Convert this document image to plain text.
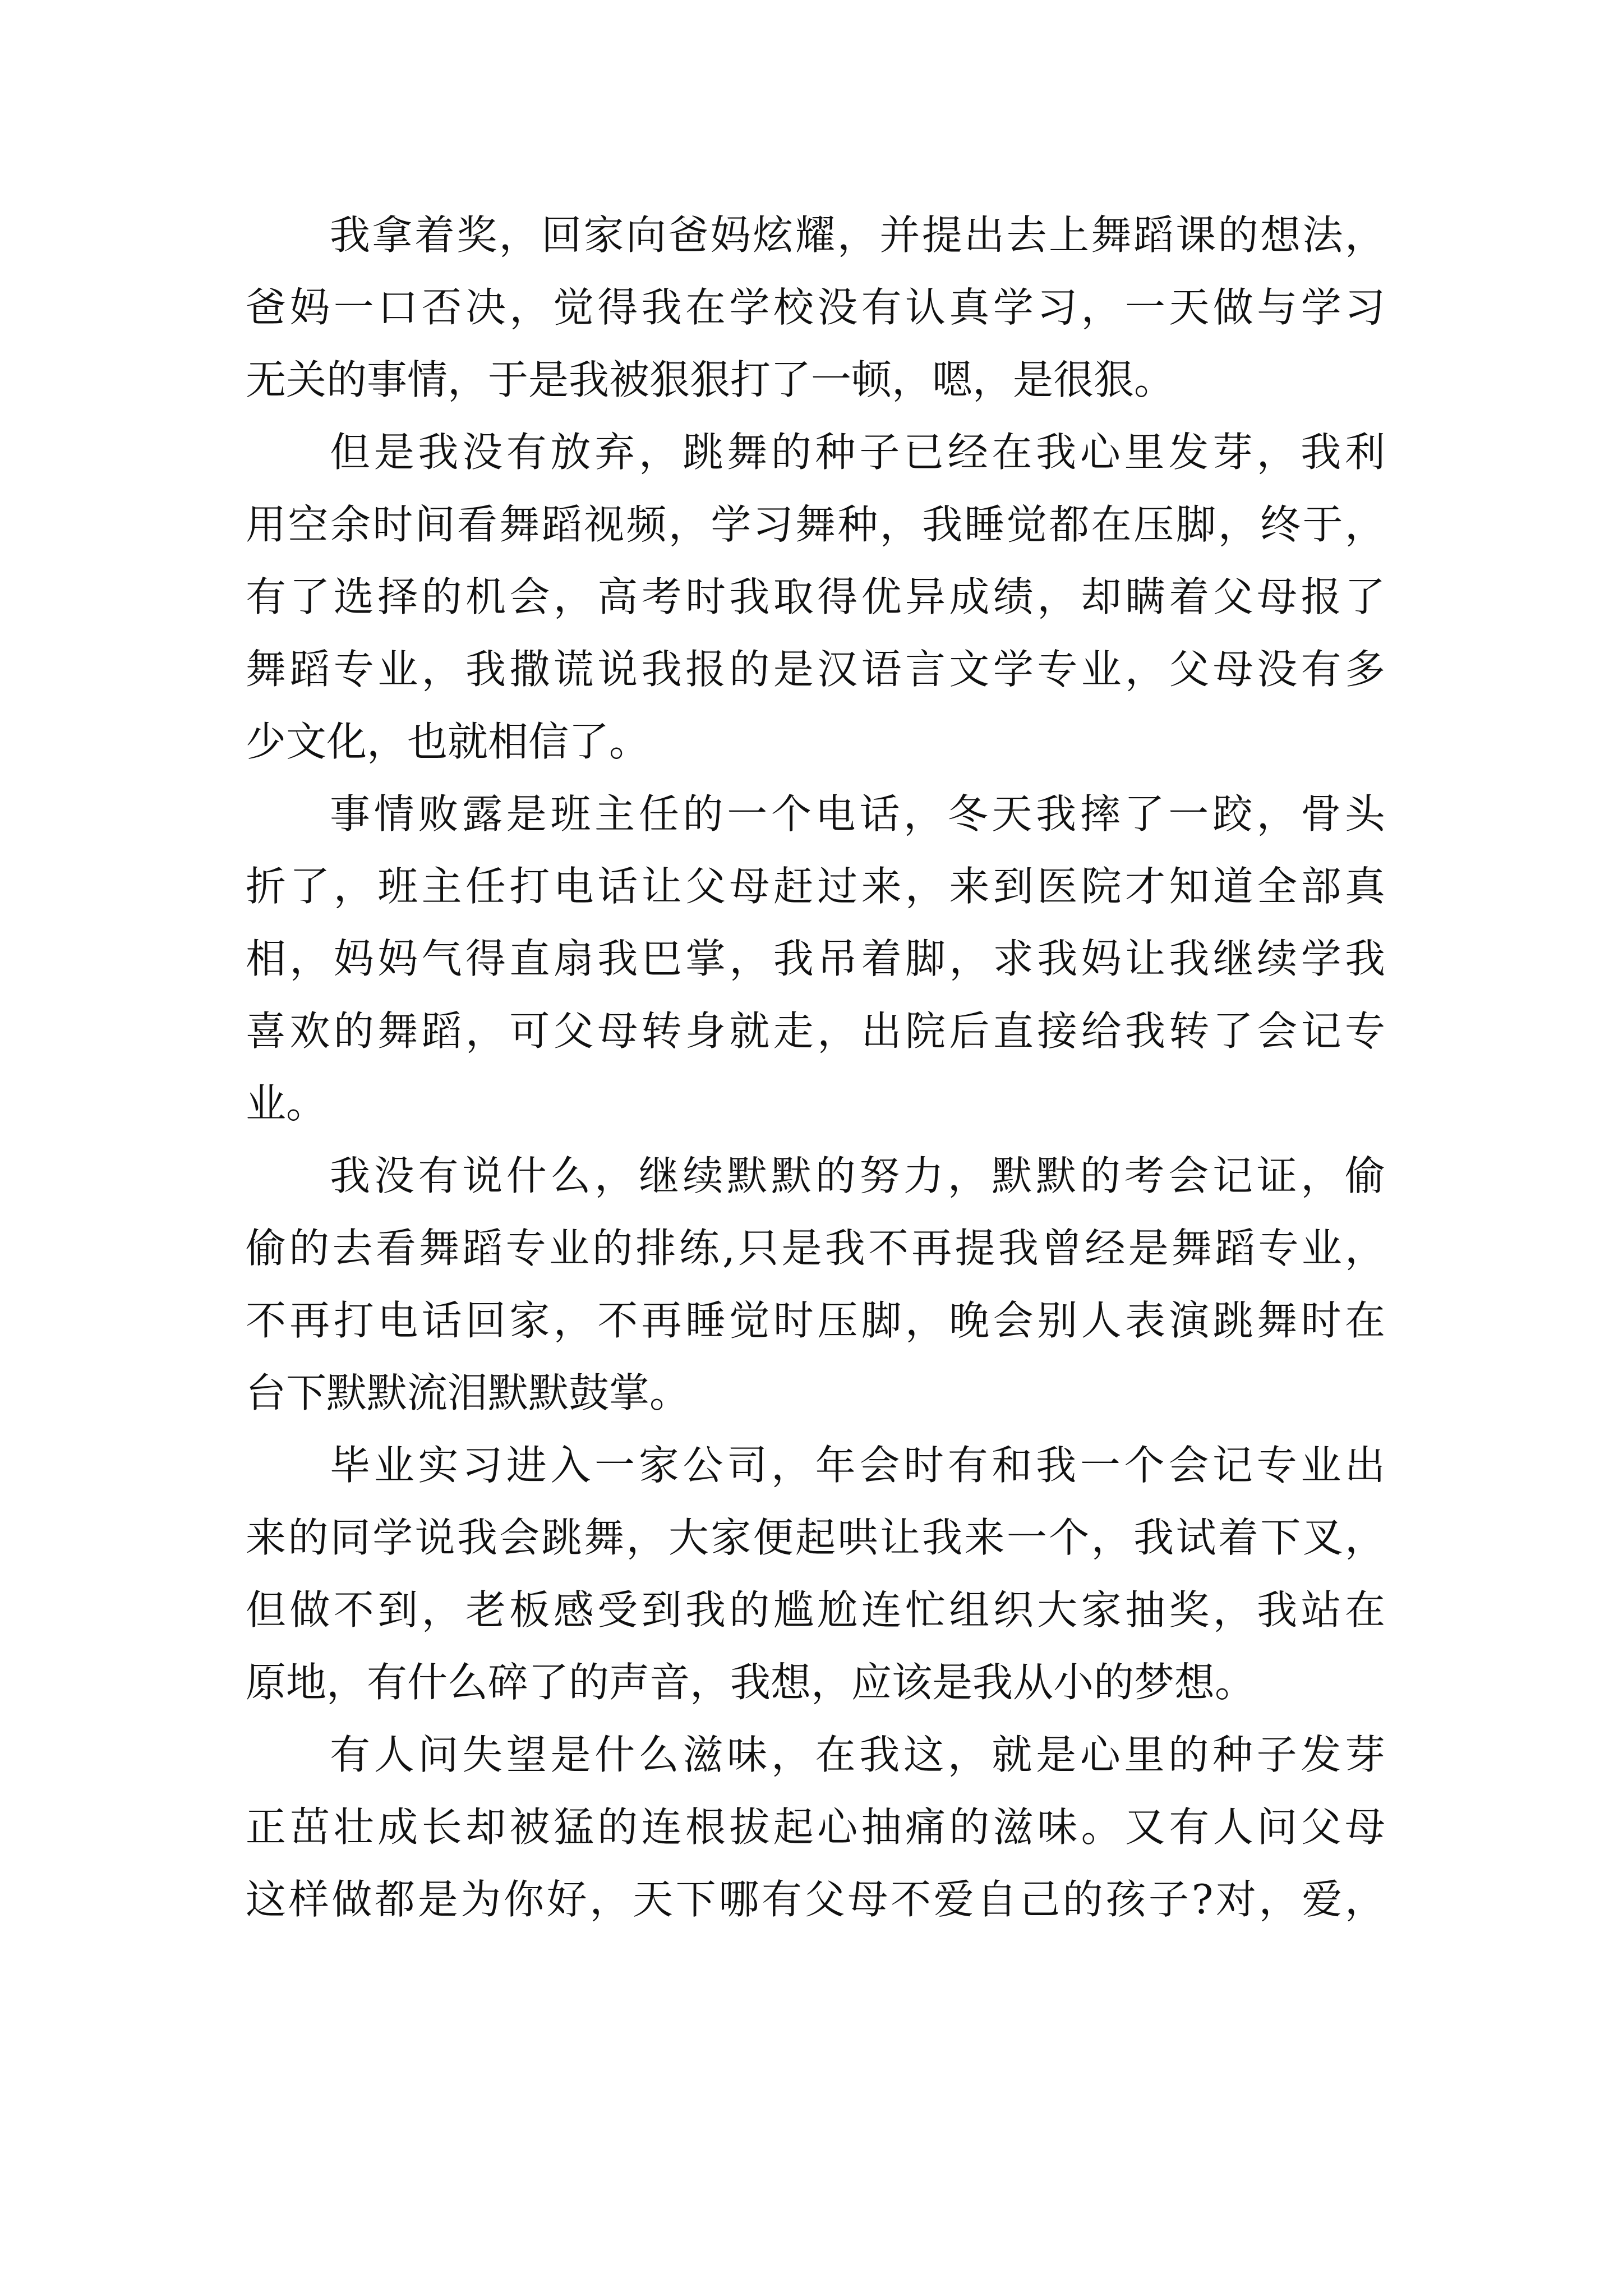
我拿着奖，回家向爸妈炫耀，并提出去上舞蹈课的想法，
爸妈一口否决，觉得我在学校没有认真学习，一天做与学习
无关的事情，于是我被狠狠打了一顿，嗯，是很狠。
但是我没有放弃，跳舞的种子已经在我心里发芽，我利
用空余时间看舞蹈视频，学习舞种，我睡觉都在压脚，终于，
有了选择的机会，高考时我取得优异成绩，却瞒着父母报了
舞蹈专业，我撒谎说我报的是汉语言文学专业，父母没有多
少文化，也就相信了。
事情败露是班主任的一个电话，冬天我摔了一跤，骨头
折了，班主任打电话让父母赶过来，来到医院才知道全部真
相，妈妈气得直扇我巴掌，我吊着脚，求我妈让我继续学我
喜欢的舞蹈，可父母转身就走，出院后直接给我转了会记专
业。
我没有说什么，继续默默的努力，默默的考会记证，偷
偷的去看舞蹈专业的排练,只是我不再提我曾经是舞蹈专业，
不再打电话回家，不再睡觉时压脚，晚会别人表演跳舞时在
台下默默流泪默默鼓掌。
毕业实习进入一家公司，年会时有和我一个会记专业出
来的同学说我会跳舞，大家便起哄让我来一个，我试着下叉，
但做不到，老板感受到我的尴尬连忙组织大家抽奖，我站在
原地，有什么碎了的声音，我想，应该是我从小的梦想。
有人问失望是什么滋味，在我这，就是心里的种子发芽
正茁壮成长却被猛的连根拔起心抽痛的滋味。又有人问父母
这样做都是为你好，天下哪有父母不爱自己的孩子?对，爱，
